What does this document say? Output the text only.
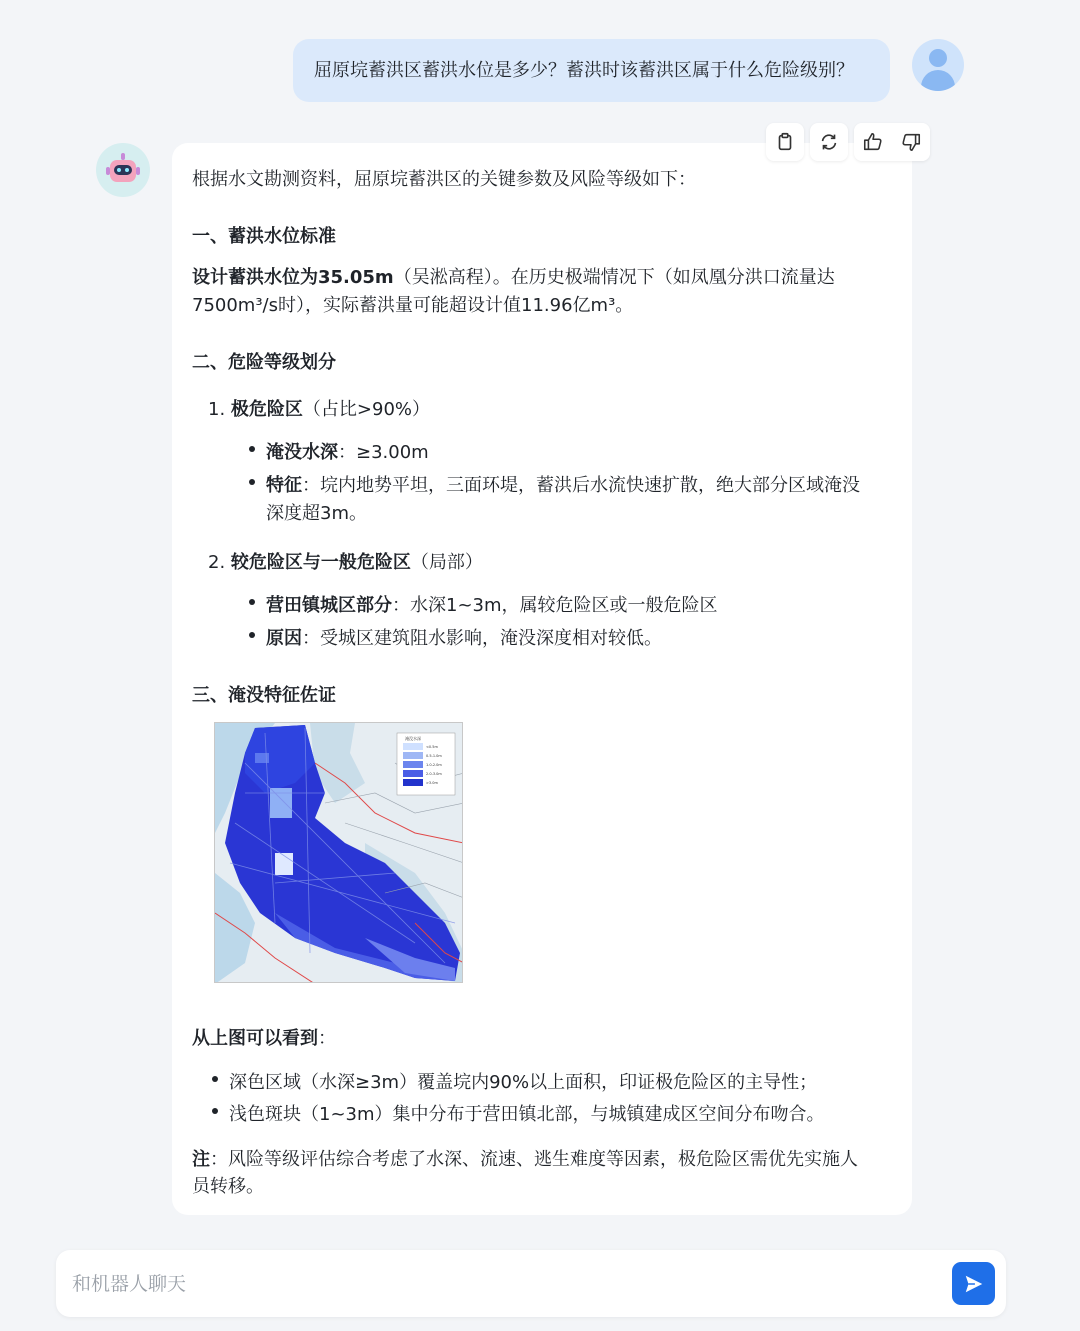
屈原垸蓄洪区蓄洪水位是多少？蓄洪时该蓄洪区属于什么危险级别？
根据水文勘测资料，屈原垸蓄洪区的关键参数及风险等级如下：
一、蓄洪水位标准
设计蓄洪水位为35.05m（吴淞高程）。在历史极端情况下（如凤凰分洪口流量达
7500m³/s时），实际蓄洪量可能超设计值11.96亿m³。
二、危险等级划分
1. 极危险区（占比>90%）
淹没水深：≥3.00m
特征：垸内地势平坦，三面环堤，蓄洪后水流快速扩散，绝大部分区域淹没
深度超3m。
2. 较危险区与一般危险区（局部）
营田镇城区部分：水深1~3m，属较危险区或一般危险区
原因：受城区建筑阻水影响，淹没深度相对较低。
三、淹没特征佐证
淹没水深
<0.5m
0.5-1.0m
1.0-2.0m
2.0-3.0m
>3.0m
从上图可以看到：
深色区域（水深≥3m）覆盖垸内90%以上面积，印证极危险区的主导性；
浅色斑块（1~3m）集中分布于营田镇北部，与城镇建成区空间分布吻合。
注：风险等级评估综合考虑了水深、流速、逃生难度等因素，极危险区需优先实施人
员转移。
和机器人聊天
